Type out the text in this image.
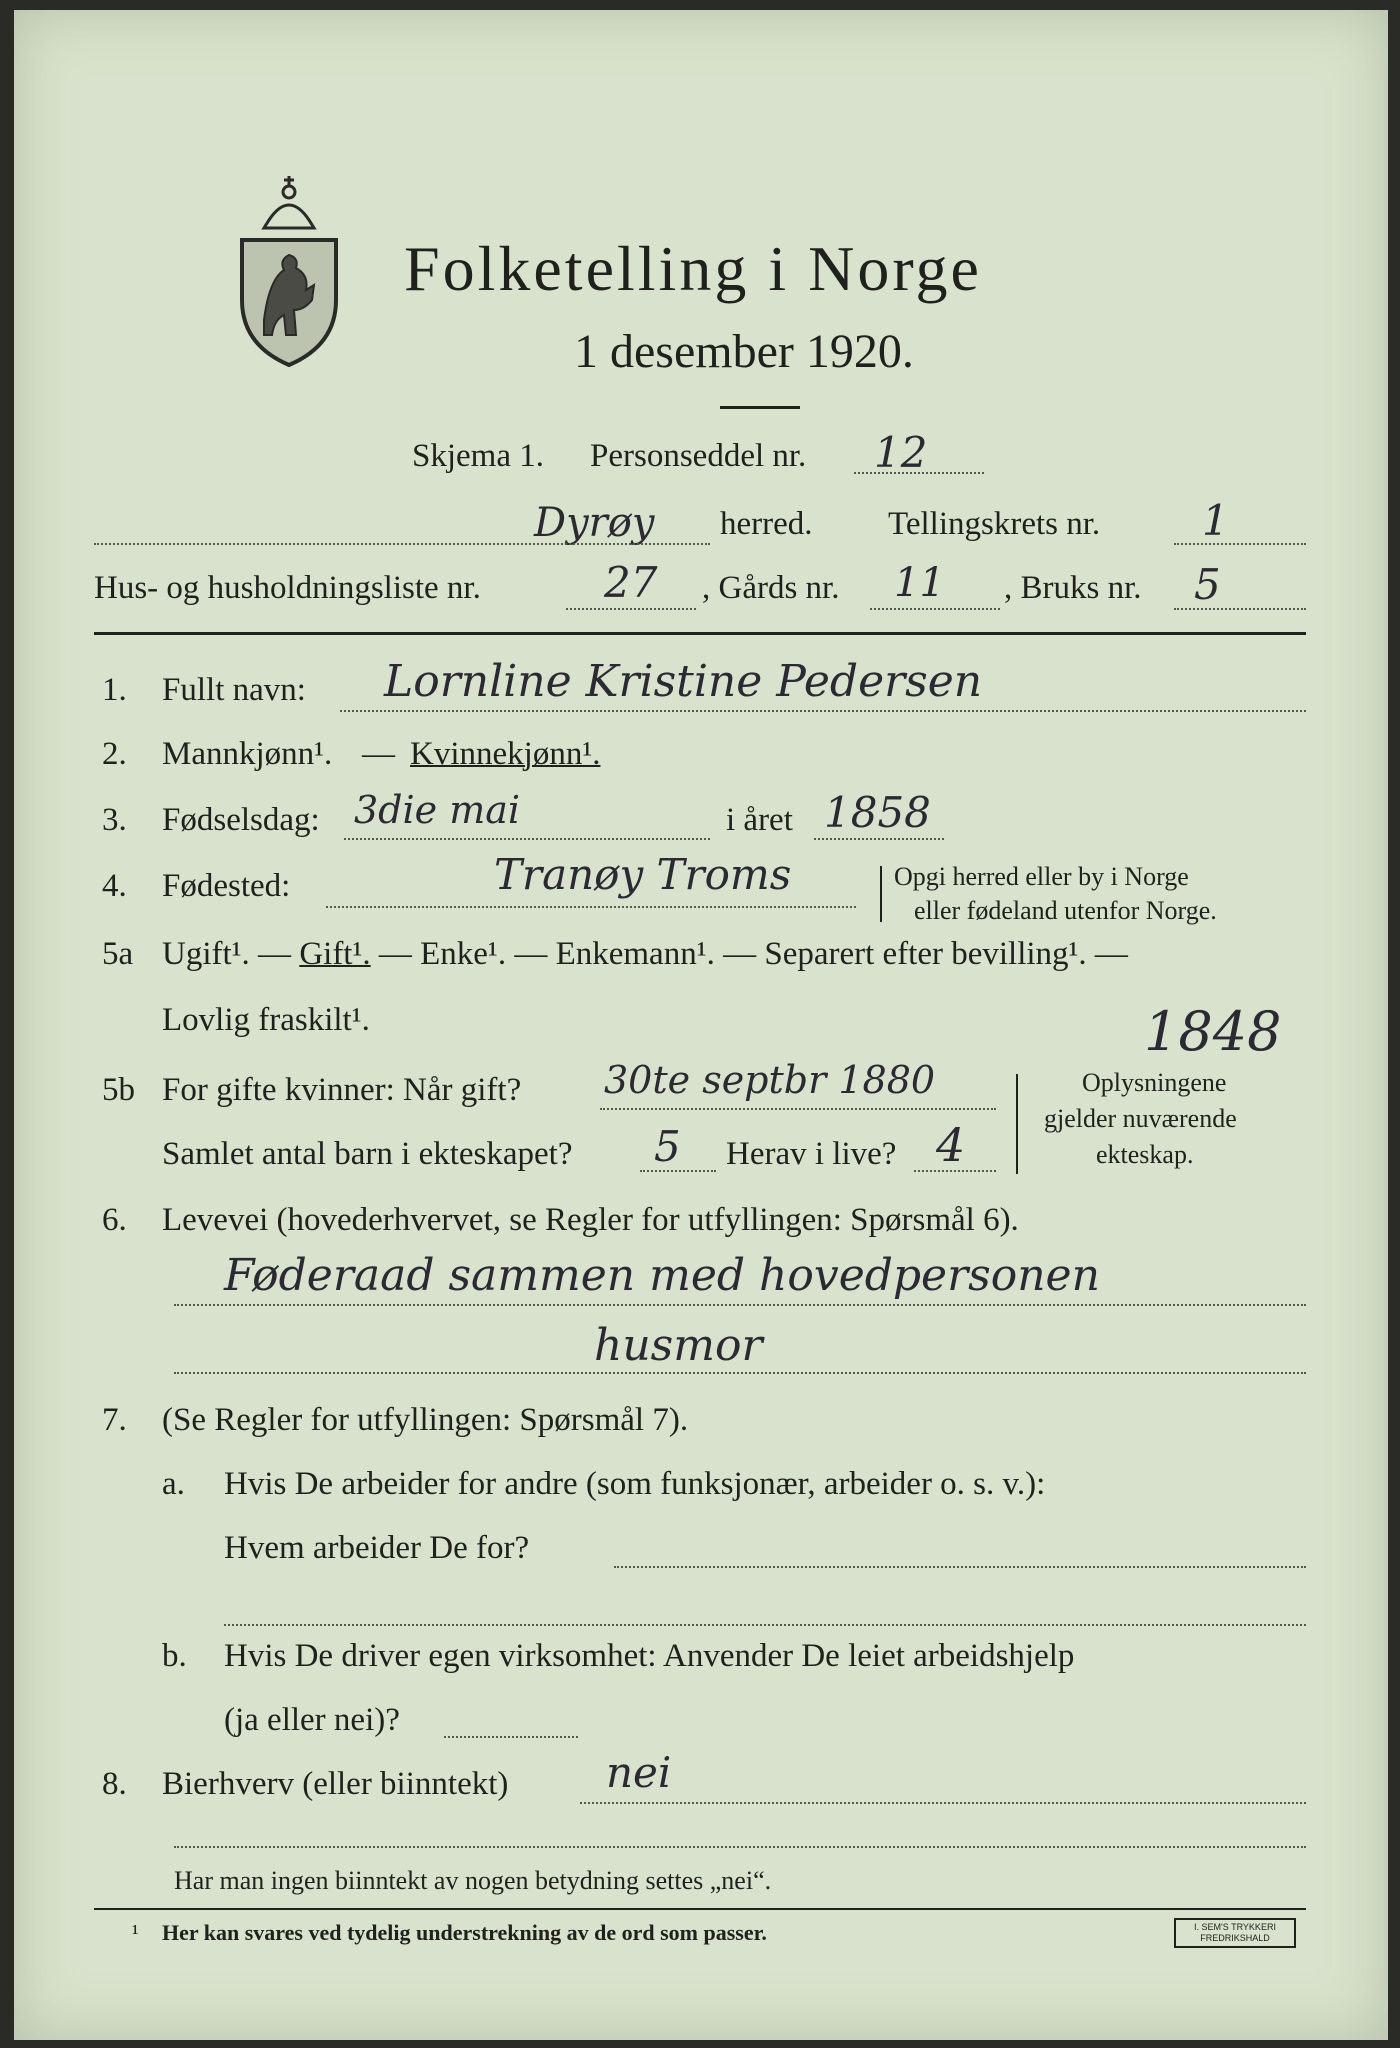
Folketelling i Norge
1 desember 1920.
Skjema 1. Personseddel nr. 12
Dyrøy herred. Tellingskrets nr. 1
Hus- og husholdningsliste nr.	27 , Gårds nr. 11 , Bruks nr. 5
1. Fullt navn: Lornline Kristine Pedersen
2. Mannkjønn¹. — Kvinnekjønn¹.
3. Fødselsdag: 3die mai	i året 1858
4. Fødested:	Tranøy Troms	Opgi herred eller by i Norge
eller fødeland utenfor Norge.
5a Ugift¹. — Gift¹. — Enke¹. — Enkemann¹. — Separert efter bevilling¹. —
Lovlig fraskilt¹.	1848
5b For gifte kvinner: Når gift? 30te septbr 1880
Samlet antal barn i ekteskapet? 5 Herav i live? 4
Oplysningene
gjelder nuværende
ekteskap.
6. Levevei (hovederhvervet, se Regler for utfyllingen: Spørsmål 6).
Føderaad sammen med hovedpersonen
husmor
7. (Se Regler for utfyllingen: Spørsmål 7).
a. Hvis De arbeider for andre (som funksjonær, arbeider o. s. v.):
Hvem arbeider De for?
b. Hvis De driver egen virksomhet: Anvender De leiet arbeidshjelp
(ja eller nei)?
8. Bierhverv (eller biinntekt) nei
Har man ingen biinntekt av nogen betydning settes „nei“.
¹ Her kan svares ved tydelig understrekning av de ord som passer.	I. SEM'S TRYKKERI
FREDRIKSHALD
